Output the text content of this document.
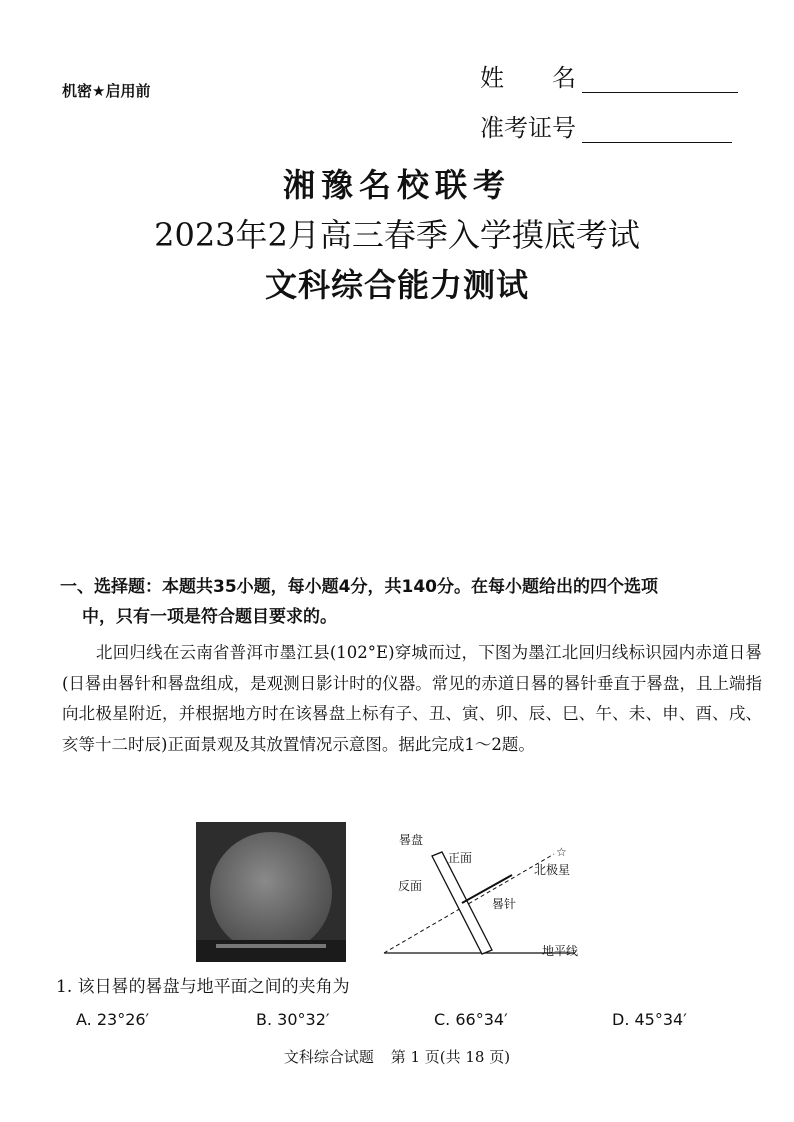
机密★启用前	姓　　名
准考证号
湘豫名校联考
2023年2月高三春季入学摸底考试
文科综合能力测试
一、选择题：本题共35小题，每小题4分，共140分。在每小题给出的四个选项
中，只有一项是符合题目要求的。
北回归线在云南省普洱市墨江县(102°E)穿城而过，下图为墨江北回归线标识园内赤道日晷(日晷由晷针和晷盘组成，是观测日影计时的仪器。常见的赤道日晷的晷针垂直于晷盘，且上端指向北极星附近，并根据地方时在该晷盘上标有子、丑、寅、卯、辰、巳、午、未、申、酉、戌、亥等十二时辰)正面景观及其放置情况示意图。据此完成1～2题。
☆
晷盘
正面
反面
晷针
北极星
地平线
1. 该日晷的晷盘与地平面之间的夹角为
A. 23°26′	B. 30°32′	C. 66°34′	D. 45°34′
文科综合试题 第 1 页(共 18 页)
